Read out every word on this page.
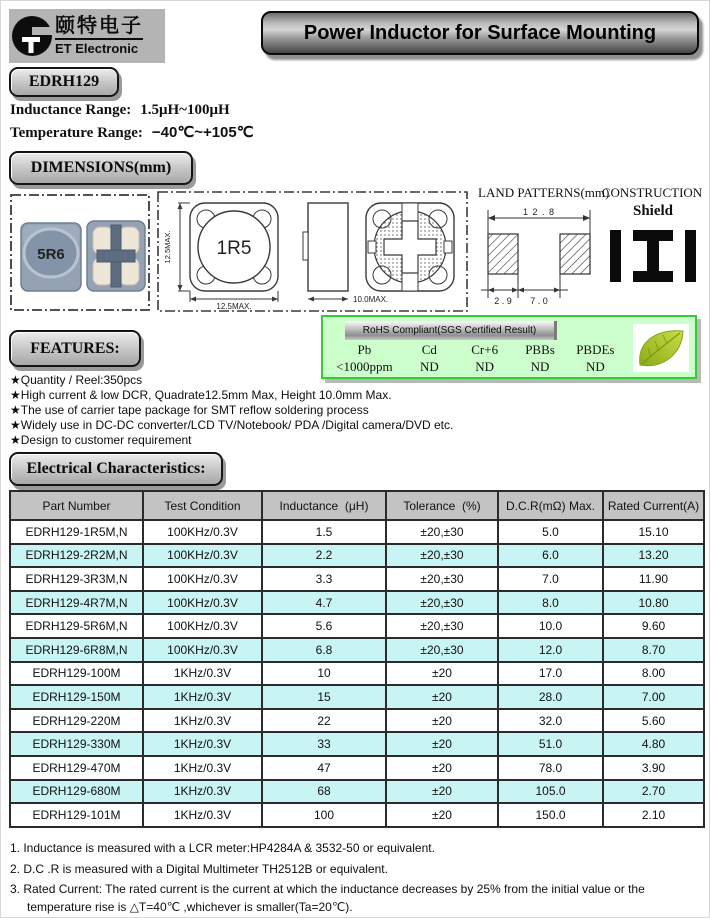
颐特电子
ET Electronic
Power Inductor for Surface Mounting
EDRH129
Inductance Range: 1.5μH~100μH
Temperature Range: −40℃~+105℃
DIMENSIONS(mm)
5R6	1R5
12.5MAX.
12.5MAX.
10.0MAX.
LAND PATTERNS(mm)
1 2 . 8
2 . 9 7 . 0
CONSTRUCTION
Shield
RoHS Compliant(SGS Certified Result)
Pb	Cd	Cr+6	PBBs	PBDEs
<1000ppm	ND	ND	ND	ND
FEATURES:
★Quantity / Reel:350pcs
★High current & low DCR, Quadrate12.5mm Max, Height 10.0mm Max.
★The use of carrier tape package for SMT reflow soldering process
★Widely use in DC-DC converter/LCD TV/Notebook/ PDA /Digital camera/DVD etc.
★Design to customer requirement
Electrical Characteristics:
Part Number	Test Condition	Inductance  (μH)	Tolerance  (%)	D.C.R(mΩ) Max.	Rated Current(A)
EDRH129-1R5M,N	100KHz/0.3V	1.5	±20,±30	5.0	15.10
EDRH129-2R2M,N	100KHz/0.3V	2.2	±20,±30	6.0	13.20
EDRH129-3R3M,N	100KHz/0.3V	3.3	±20,±30	7.0	11.90
EDRH129-4R7M,N	100KHz/0.3V	4.7	±20,±30	8.0	10.80
EDRH129-5R6M,N	100KHz/0.3V	5.6	±20,±30	10.0	9.60
EDRH129-6R8M,N	100KHz/0.3V	6.8	±20,±30	12.0	8.70
EDRH129-100M	1KHz/0.3V	10	±20	17.0	8.00
EDRH129-150M	1KHz/0.3V	15	±20	28.0	7.00
EDRH129-220M	1KHz/0.3V	22	±20	32.0	5.60
EDRH129-330M	1KHz/0.3V	33	±20	51.0	4.80
EDRH129-470M	1KHz/0.3V	47	±20	78.0	3.90
EDRH129-680M	1KHz/0.3V	68	±20	105.0	2.70
EDRH129-101M	1KHz/0.3V	100	±20	150.0	2.10
1. Inductance is measured with a LCR meter:HP4284A & 3532-50 or equivalent.
2. D.C .R is measured with a Digital Multimeter TH2512B or equivalent.
3. Rated Current: The rated current is the current at which the inductance decreases by 25% from the initial value or the temperature rise is △T=40℃ ,whichever is smaller(Ta=20℃).
